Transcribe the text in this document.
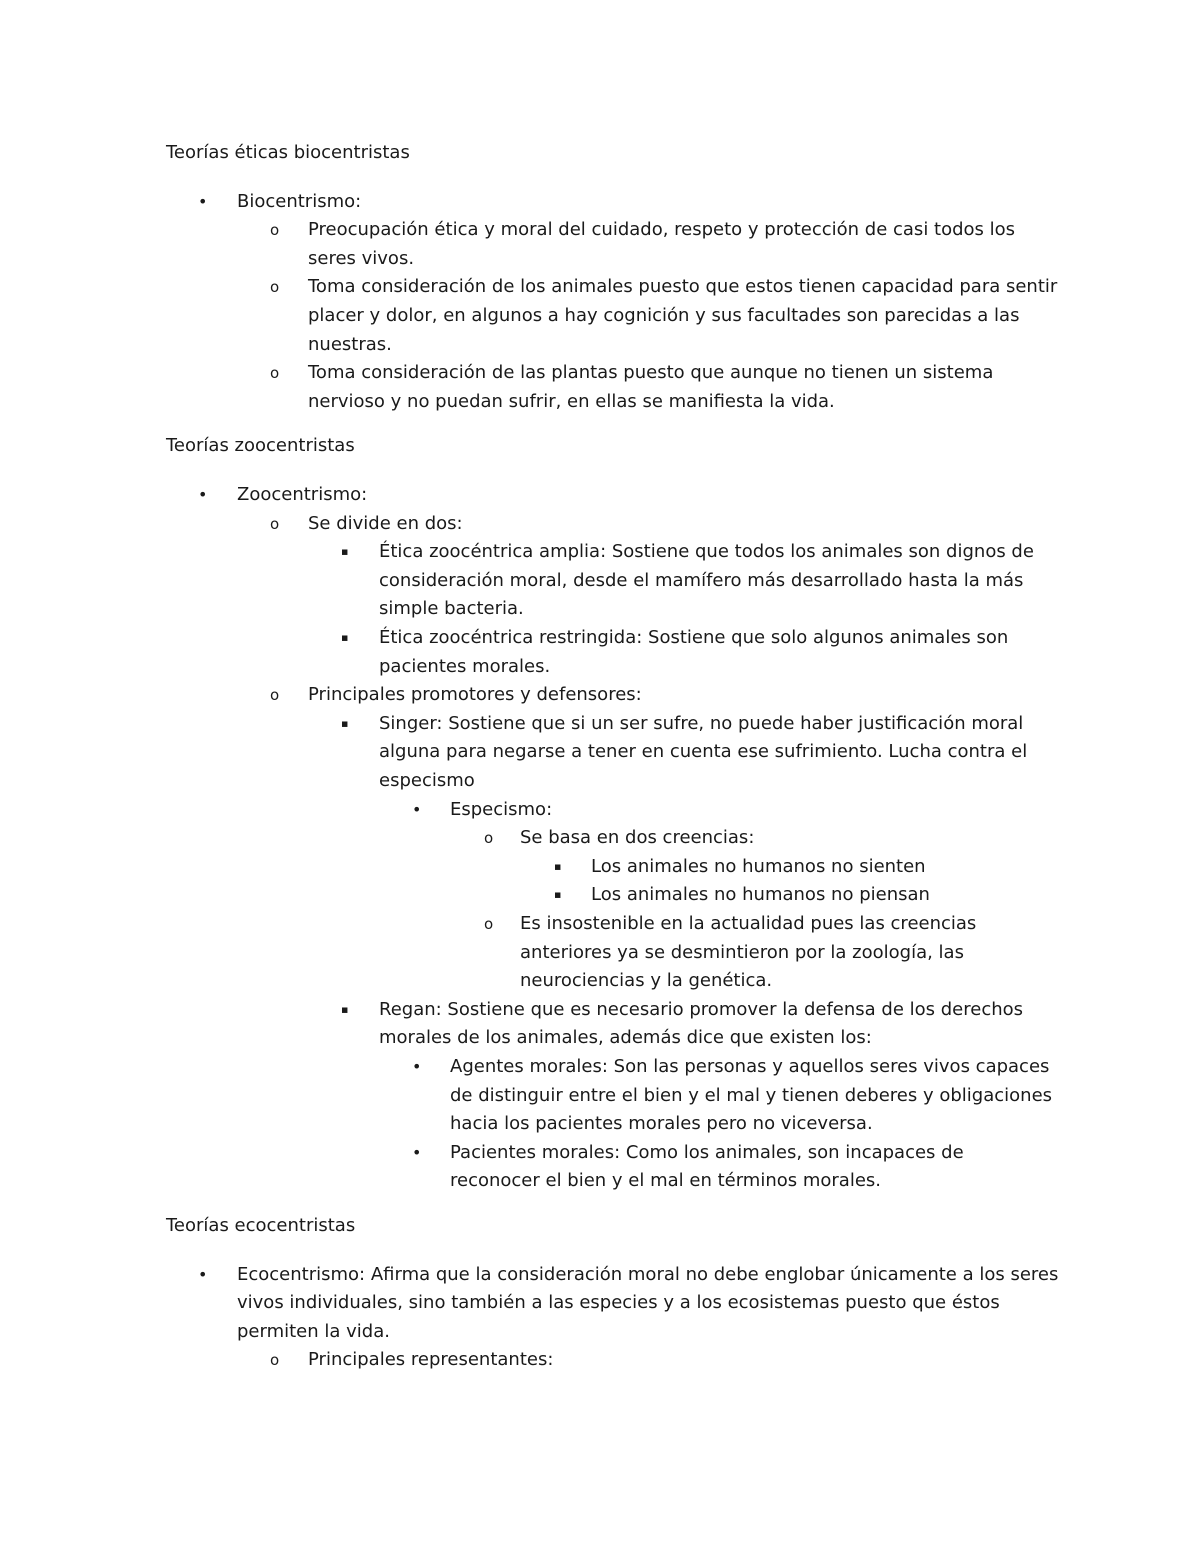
Teorías éticas biocentristas
• Biocentrismo:
o Preocupación ética y moral del cuidado, respeto y protección de casi todos los
seres vivos.
o Toma consideración de los animales puesto que estos tienen capacidad para sentir
placer y dolor, en algunos a hay cognición y sus facultades son parecidas a las
nuestras.
o Toma consideración de las plantas puesto que aunque no tienen un sistema
nervioso y no puedan sufrir, en ellas se manifiesta la vida.
Teorías zoocentristas
• Zoocentrismo:
o Se divide en dos:
▪ Ética zoocéntrica amplia: Sostiene que todos los animales son dignos de
consideración moral, desde el mamífero más desarrollado hasta la más
simple bacteria.
▪ Ética zoocéntrica restringida: Sostiene que solo algunos animales son
pacientes morales.
o Principales promotores y defensores:
▪ Singer: Sostiene que si un ser sufre, no puede haber justificación moral
alguna para negarse a tener en cuenta ese sufrimiento. Lucha contra el
especismo
• Especismo:
o Se basa en dos creencias:
▪ Los animales no humanos no sienten
▪ Los animales no humanos no piensan
o Es insostenible en la actualidad pues las creencias
anteriores ya se desmintieron por la zoología, las
neurociencias y la genética.
▪ Regan: Sostiene que es necesario promover la defensa de los derechos
morales de los animales, además dice que existen los:
• Agentes morales: Son las personas y aquellos seres vivos capaces
de distinguir entre el bien y el mal y tienen deberes y obligaciones
hacia los pacientes morales pero no viceversa.
• Pacientes morales: Como los animales, son incapaces de
reconocer el bien y el mal en términos morales.
Teorías ecocentristas
• Ecocentrismo: Afirma que la consideración moral no debe englobar únicamente a los seres
vivos individuales, sino también a las especies y a los ecosistemas puesto que éstos
permiten la vida.
o Principales representantes:
